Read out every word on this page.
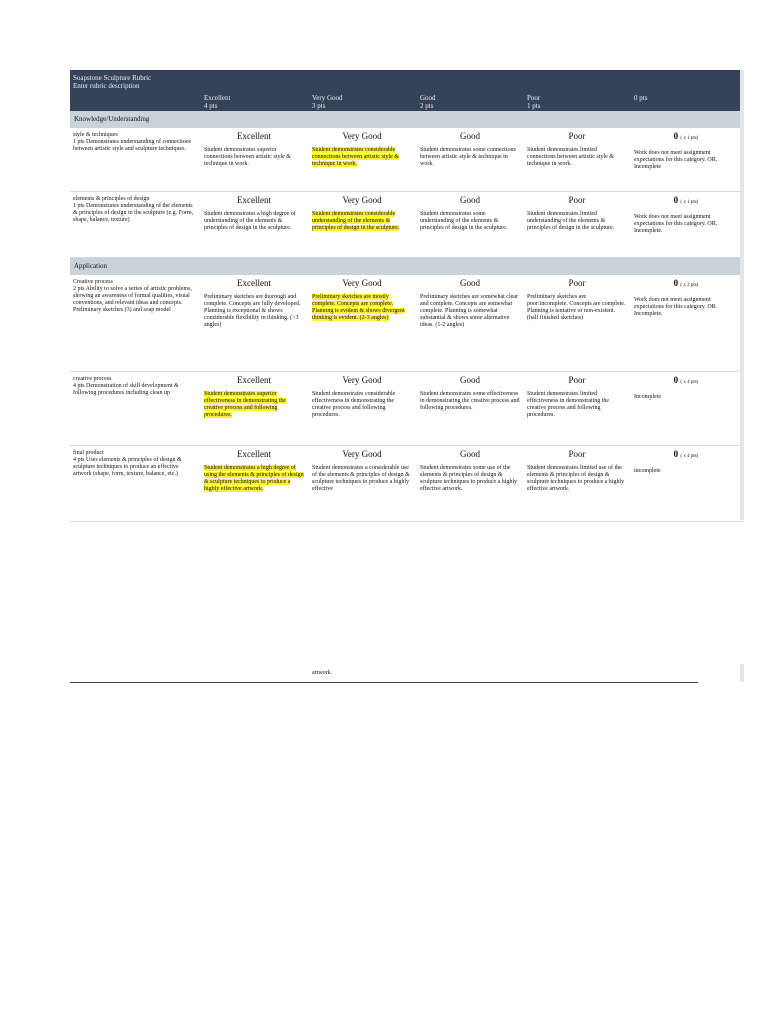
Soapstone Sculpture Rubric
Enter rubric description
Excellent
4 pts
Very Good
3 pts
Good
2 pts
Poor
1 pts
0 pts
Knowledge/Understanding
style & techniques
1 pts Demonstrates understanding of connections between artistic style and sculpture techniques.
Excellent
Student demonstrates superior connections between artistic style & technique in work.
Very Good
Student demonstrates considerable connections between artistic style & technique in work.
Good
Student demonstrates some connections between artistic style & technique in work.
Poor
Student demonstrates limited connections between artistic style & technique in work.
0 ( x 1 pts)
Work does not meet assignment expectations for this category. OR. Incomplete
elements & principles of design
1 pts Demonstrates understanding of the elements & principles of design in the sculpture (e.g. Form, shape, balance, texture)
Excellent
Student demonstrates a high degree of understanding of the elements & principles of design in the sculpture.
Very Good
Student demonstrates considerable understanding of the elements & principles of design in the sculpture.
Good
Student demonstrates some understanding of the elements & principles of design in the sculpture.
Poor
Student demonstrates limited understanding of the elements & principles of design in the sculpture.
0 ( x 1 pts)
Work does not meet assignment expectations for this category. OR. Incomplete.
Application
Creative process
2 pts Ability to solve a series of artistic problems, showing an awareness of formal qualities, visual conventions, and relevant ideas and concepts. Preliminary sketches (3) and soap model
Excellent
Preliminary sketches are thorough and complete. Concepts are fully developed. Planning is exceptional & shows considerable flexibility in thinking. (>3 angles)
Very Good
Preliminary sketches are mostly complete. Concepts are complete. Planning is evident & shows divergent thinking is evident. (2-3 angles)
Good
Preliminary sketches are somewhat clear and complete. Concepts are somewhat complete. Planning is somewhat substantial & shows some alternative ideas. (1-2 angles)
Poor
Preliminary sketches are poor/incomplete. Concepts are complete. Planning is tentative or non-existent. (half finished sketches)
0 ( x 2 pts)
Work does not meet assignment expectations for this category. OR. Incomplete.
creative process
4 pts Demonstration of skill development & following procedures including clean up
Excellent
Student demonstrates superior effectiveness in demonstrating the creative process and following procedures.
Very Good
Student demonstrates considerable effectiveness in demonstrating the creative process and following procedures.
Good
Student demonstrates some effectiveness in demonstrating the creative process and following procedures.
Poor
Student demonstrates limited effectiveness in demonstrating the creative process and following procedures.
0 ( x 4 pts)
Incomplete
final product
4 pts Uses elements & principles of design & sculpture techniques to produce an effective artwork (shape, form, texture, balance, etc.)
Excellent
Student demonstrates a high degree of using the elements & principles of design & sculpture techniques to produce a highly effective artwork.
Very Good
Student demonstrates a considerable use of the elements & principles of design & sculpture techniques to produce a highly effective
Good
Student demonstrates some use of the elements & principles of design & sculpture techniques to produce a highly effective artwork.
Poor
Student demonstrates limited use of the elements & principles of design & sculpture techniques to produce a highly effective artwork.
0 ( x 4 pts)
incomplete
artwork.
